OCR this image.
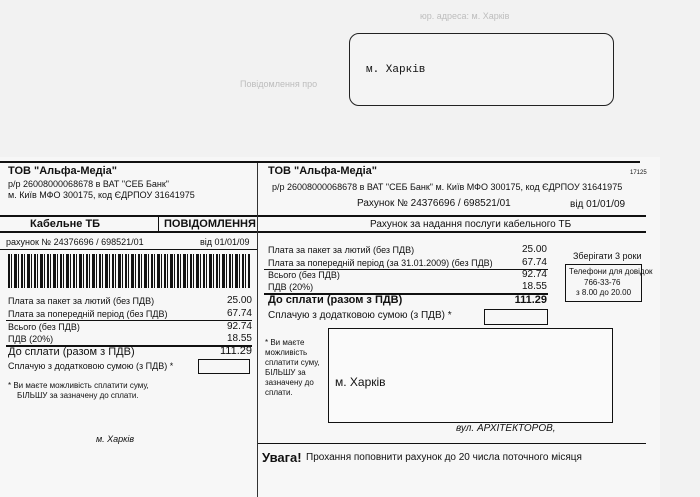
юр. адреса: м. Харків
Повідомлення про
м. Харків
ТОВ "Альфа-Медіа"
р/р 26008000068678 в ВАТ "СЕБ Банк"
м. Київ МФО 300175, код ЄДРПОУ 31641975
Кабельне ТБ	ПОВІДОМЛЕННЯ
рахунок № 24376696 / 698521/01	від 01/01/09
Плата за пакет за лютий (без ПДВ)	25.00
Плата за попередній період (без ПДВ)	67.74
Всього (без ПДВ)	92.74
ПДВ (20%)	18.55
До сплати (разом з ПДВ)	111.29
Сплачую з додатковою сумою (з ПДВ) *
* Ви маєте можливість сплатити суму,
БІЛЬШУ за зазначену до сплати.
м. Харків
ТОВ "Альфа-Медіа"	17125
р/р 26008000068678 в ВАТ "СЕБ Банк" м. Київ МФО 300175, код ЄДРПОУ 31641975
Рахунок № 24376696 / 698521/01	від 01/01/09
Рахунок за надання послуги кабельного ТБ
Плата за пакет за лютий (без ПДВ)	25.00
Плата за попередній період (за 31.01.2009) (без ПДВ)	67.74
Всього (без ПДВ)	92.74
ПДВ (20%)	18.55
До сплати (разом з ПДВ)	111.29
Сплачую з додатковою сумою (з ПДВ) *
Зберігати 3 роки
Телефони для довідок
766-33-76
з 8.00 до 20.00
* Ви маєте
можливість
сплатити суму,
БІЛЬШУ за
зазначену до
сплати.
м. Харків
вул. АРХІТЕКТОРОВ,
Увага! Прохання поповнити рахунок до 20 числа поточного місяця
